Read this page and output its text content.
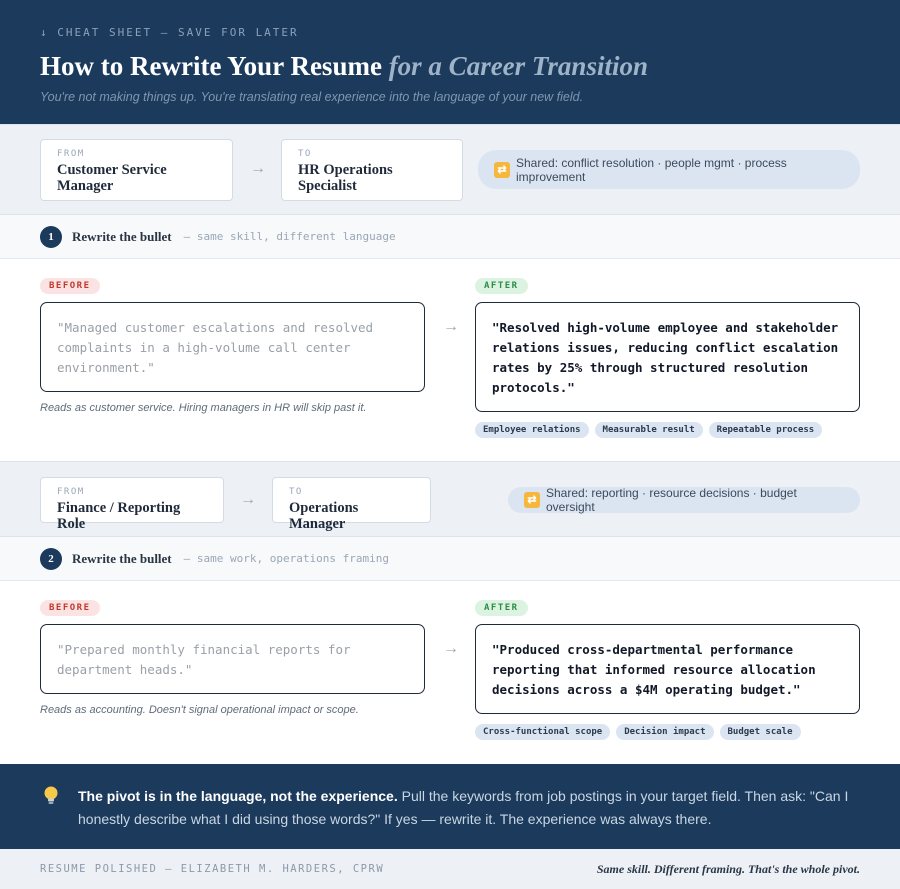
↓ CHEAT SHEET — SAVE FOR LATER
How to Rewrite Your Resume for a Career Transition
You're not making things up. You're translating real experience into the language of your new field.
FROM
Customer Service Manager
→
TO
HR Operations Specialist
⇄
Shared: conflict resolution · people mgmt · process improvement
1	Rewrite the bullet — same skill, different language
BEFORE	AFTER
"Managed customer escalations and resolved complaints in a high-volume call center environment."
→	"Resolved high-volume employee and stakeholder relations issues, reducing conflict escalation rates by 25% through structured resolution protocols."
Reads as customer service. Hiring managers in HR will skip past it.
Employee relations	Measurable result	Repeatable process
FROM
Finance / Reporting Role
→	TO
Operations Manager
⇄
Shared: reporting · resource decisions · budget oversight
2	Rewrite the bullet — same work, operations framing
BEFORE	AFTER
"Prepared monthly financial reports for department heads."
→	"Produced cross-departmental performance reporting that informed resource allocation decisions across a $4M operating budget."
Reads as accounting. Doesn't signal operational impact or scope.
Cross-functional scope	Decision impact	Budget scale
The pivot is in the language, not the experience. Pull the keywords from job postings in your target field. Then ask: "Can I honestly describe what I did using those words?" If yes — rewrite it. The experience was always there.
RESUME POLISHED — ELIZABETH M. HARDERS, CPRW	Same skill. Different framing. That's the whole pivot.
